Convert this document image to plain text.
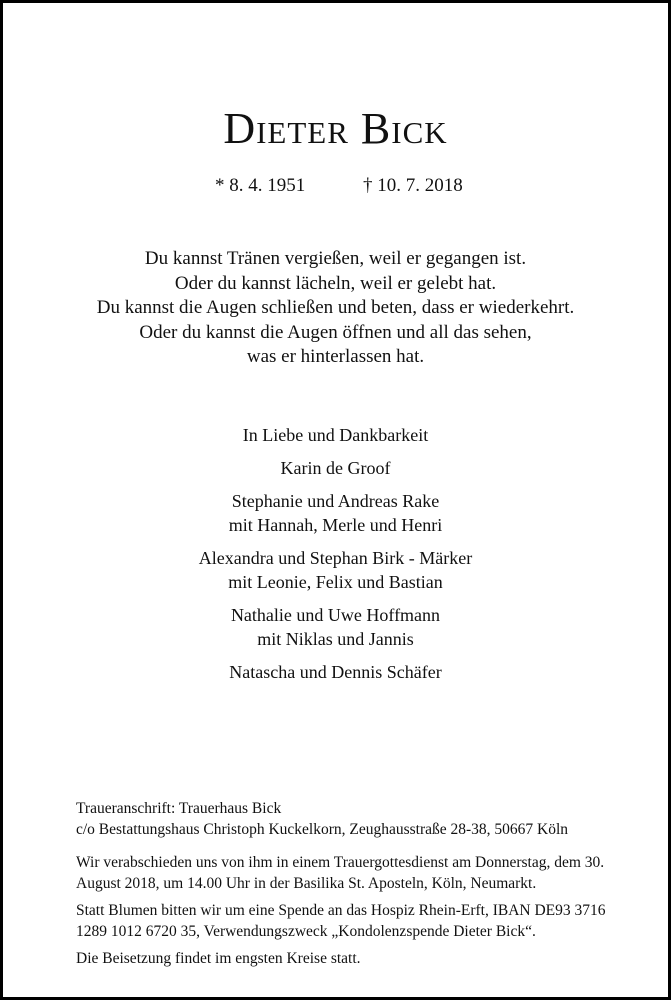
Dieter Bick
* 8. 4. 1951	† 10. 7. 2018
Du kannst Tränen vergießen, weil er gegangen ist.
Oder du kannst lächeln, weil er gelebt hat.
Du kannst die Augen schließen und beten, dass er wiederkehrt.
Oder du kannst die Augen öffnen und all das sehen,
was er hinterlassen hat.
In Liebe und Dankbarkeit
Karin de Groof
Stephanie und Andreas Rake
mit Hannah, Merle und Henri
Alexandra und Stephan Birk - Märker
mit Leonie, Felix und Bastian
Nathalie und Uwe Hoffmann
mit Niklas und Jannis
Natascha und Dennis Schäfer
Traueranschrift: Trauerhaus Bick
c/o Bestattungshaus Christoph Kuckelkorn, Zeughausstraße 28-38, 50667 Köln

Wir verabschieden uns von ihm in einem Trauergottesdienst am Donnerstag, dem 30. August 2018, um 14.00 Uhr in der Basilika St. Aposteln, Köln, Neumarkt.

Statt Blumen bitten wir um eine Spende an das Hospiz Rhein-Erft, IBAN DE93 3716 1289 1012 6720 35, Verwendungszweck „Kondolenzspende Dieter Bick“.

Die Beisetzung findet im engsten Kreise statt.
